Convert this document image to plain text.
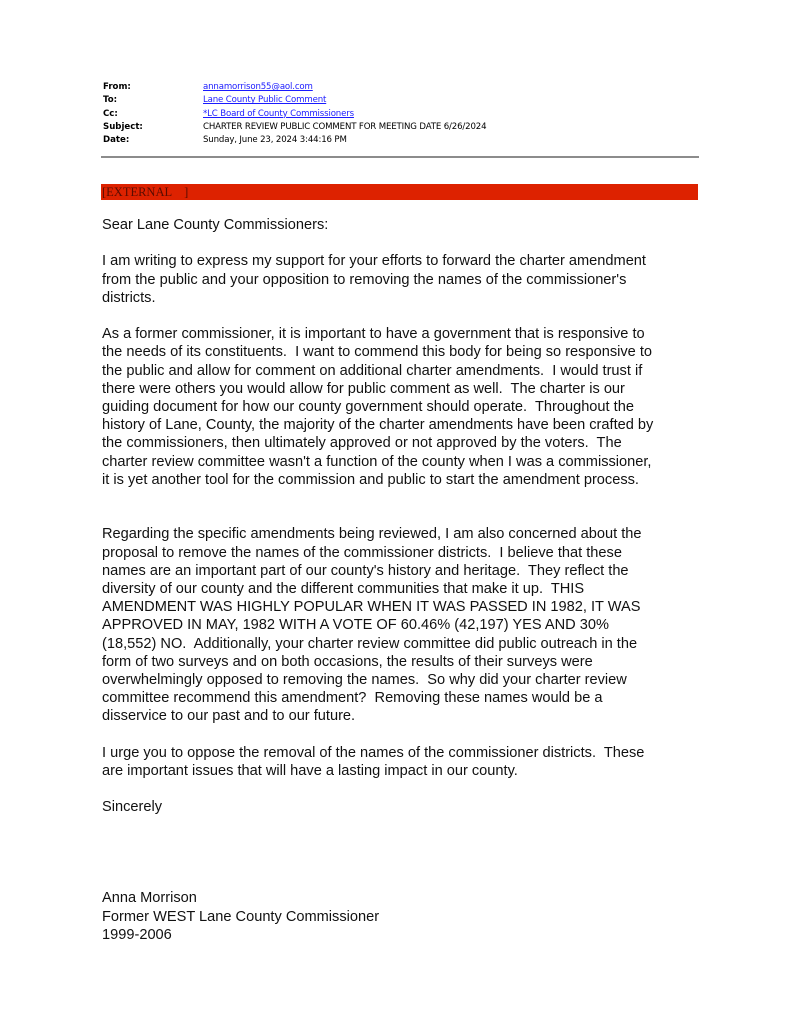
From:	annamorrison55@aol.com
To:	Lane County Public Comment
Cc:	*LC Board of County Commissioners
Subject:	CHARTER REVIEW PUBLIC COMMENT FOR MEETING DATE 6/26/2024
Date:	Sunday, June 23, 2024 3:44:16 PM
[EXTERNAL    ]
Sear Lane County Commissioners:

I am writing to express my support for your efforts to forward the charter amendment
from the public and your opposition to removing the names of the commissioner's
districts.

As a former commissioner, it is important to have a government that is responsive to
the needs of its constituents.  I want to commend this body for being so responsive to
the public and allow for comment on additional charter amendments.  I would trust if
there were others you would allow for public comment as well.  The charter is our
guiding document for how our county government should operate.  Throughout the
history of Lane, County, the majority of the charter amendments have been crafted by
the commissioners, then ultimately approved or not approved by the voters.  The
charter review committee wasn't a function of the county when I was a commissioner,
it is yet another tool for the commission and public to start the amendment process.

Regarding the specific amendments being reviewed, I am also concerned about the
proposal to remove the names of the commissioner districts.  I believe that these
names are an important part of our county's history and heritage.  They reflect the
diversity of our county and the different communities that make it up.  THIS
AMENDMENT WAS HIGHLY POPULAR WHEN IT WAS PASSED IN 1982, IT WAS
APPROVED IN MAY, 1982 WITH A VOTE OF 60.46% (42,197) YES AND 30%
(18,552) NO.  Additionally, your charter review committee did public outreach in the
form of two surveys and on both occasions, the results of their surveys were
overwhelmingly opposed to removing the names.  So why did your charter review
committee recommend this amendment?  Removing these names would be a
disservice to our past and to our future.

I urge you to oppose the removal of the names of the commissioner districts.  These
are important issues that will have a lasting impact in our county.

Sincerely
Anna Morrison
Former WEST Lane County Commissioner
1999-2006
